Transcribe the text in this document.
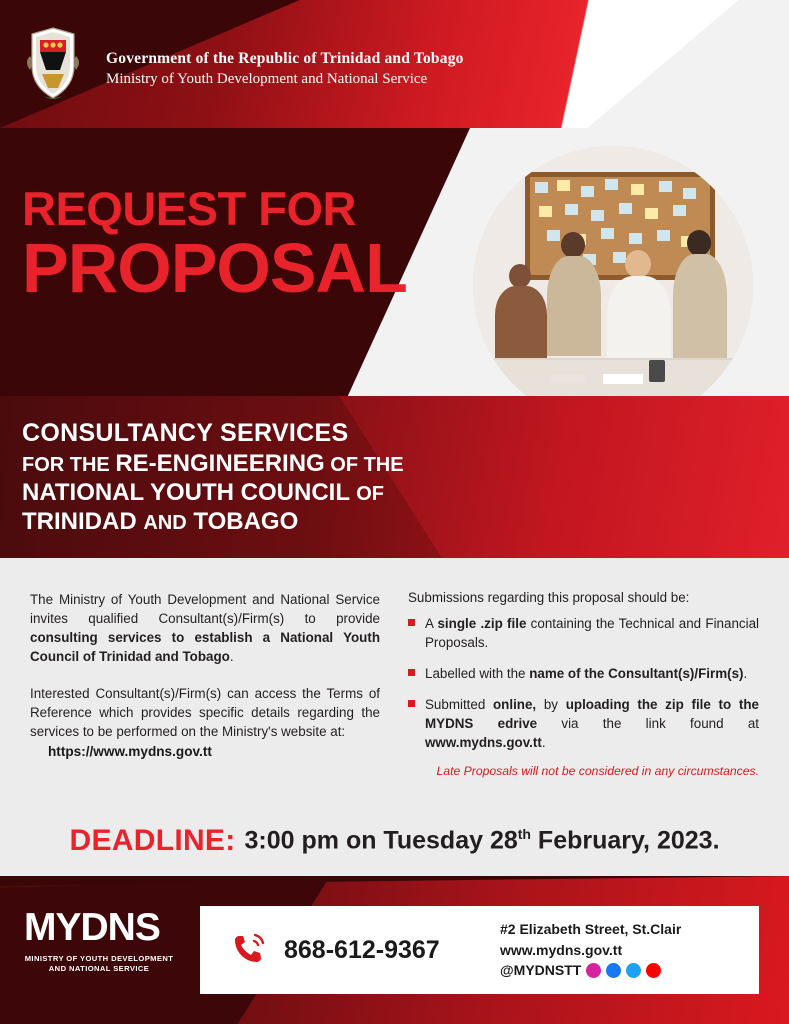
Government of the Republic of Trinidad and Tobago
Ministry of Youth Development and National Service
REQUEST FOR
PROPOSAL
CONSULTANCY SERVICES
FOR THE RE-ENGINEERING OF THE
NATIONAL YOUTH COUNCIL OF
TRINIDAD AND TOBAGO
The Ministry of Youth Development and National Service invites qualified Consultant(s)/Firm(s) to provide consulting services to establish a National Youth Council of Trinidad and Tobago.
Interested Consultant(s)/Firm(s) can access the Terms of Reference which provides specific details regarding the services to be performed on the Ministry's website at:
https://www.mydns.gov.tt
Submissions regarding this proposal should be:
A single .zip file containing the Technical and Financial Proposals.
Labelled with the name of the Consultant(s)/Firm(s).
Submitted online, by uploading the zip file to the MYDNS edrive via the link found at www.mydns.gov.tt.
Late Proposals will not be considered in any circumstances.
DEADLINE: 3:00 pm on Tuesday 28th February, 2023.
MYDNS
MINISTRY OF YOUTH DEVELOPMENT AND NATIONAL SERVICE
868-612-9367
#2 Elizabeth Street, St.Clair
www.mydns.gov.tt
@MYDNSTT
